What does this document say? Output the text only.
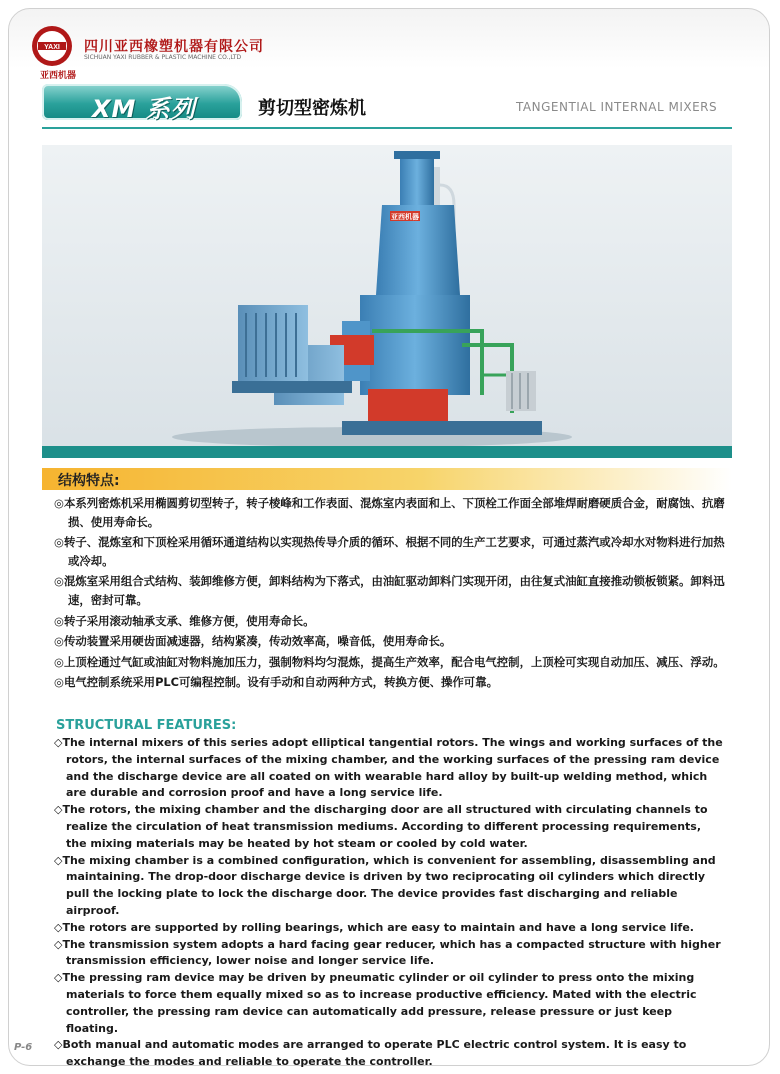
YAXI 四川亚西橡塑机器有限公司
SICHUAN YAXI RUBBER & PLASTIC MACHINE CO.,LTD
亚西机器
XM 系列	剪切型密炼机	TANGENTIAL INTERNAL MIXERS
亚西机器
结构特点:
◎本系列密炼机采用椭圆剪切型转子，转子棱峰和工作表面、混炼室内表面和上、下顶栓工作面全部堆焊耐磨硬质合金，耐腐蚀、抗磨损、使用寿命长。
◎转子、混炼室和下顶栓采用循环通道结构以实现热传导介质的循环、根据不同的生产工艺要求，可通过蒸汽或冷却水对物料进行加热或冷却。
◎混炼室采用组合式结构、装卸维修方便，卸料结构为下落式，由油缸驱动卸料门实现开闭，由往复式油缸直接推动锁板锁紧。卸料迅速，密封可靠。
◎转子采用滚动轴承支承、维修方便，使用寿命长。
◎传动装置采用硬齿面减速器，结构紧凑，传动效率高，噪音低，使用寿命长。
◎上顶栓通过气缸或油缸对物料施加压力，强制物料均匀混炼，提高生产效率，配合电气控制，上顶栓可实现自动加压、减压、浮动。
◎电气控制系统采用PLC可编程控制。设有手动和自动两种方式，转换方便、操作可靠。
STRUCTURAL FEATURES:
◇The internal mixers of this series adopt elliptical tangential rotors. The wings and working surfaces of the rotors, the internal surfaces of the mixing chamber, and the working surfaces of the pressing ram device and the discharge device are all coated on with wearable hard alloy by built-up welding method, which are durable and corrosion proof and have a long service life.
◇The rotors, the mixing chamber and the discharging door are all structured with circulating channels to realize the circulation of heat transmission mediums. According to different processing requirements, the mixing materials may be heated by hot steam or cooled by cold water.
◇The mixing chamber is a combined configuration, which is convenient for assembling, disassembling and maintaining. The drop-door discharge device is driven by two reciprocating oil cylinders which directly pull the locking plate to lock the discharge door. The device provides fast discharging and reliable airproof.
◇The rotors are supported by rolling bearings, which are easy to maintain and have a long service life.
◇The transmission system adopts a hard facing gear reducer, which has a compacted structure with higher transmission efficiency, lower noise and longer service life.
◇The pressing ram device may be driven by pneumatic cylinder or oil cylinder to press onto the mixing materials to force them equally mixed so as to increase productive efficiency. Mated with the electric controller, the pressing ram device can automatically add pressure, release pressure or just keep floating.
◇Both manual and automatic modes are arranged to operate PLC electric control system. It is easy to exchange the modes and reliable to operate the controller.
P-6
